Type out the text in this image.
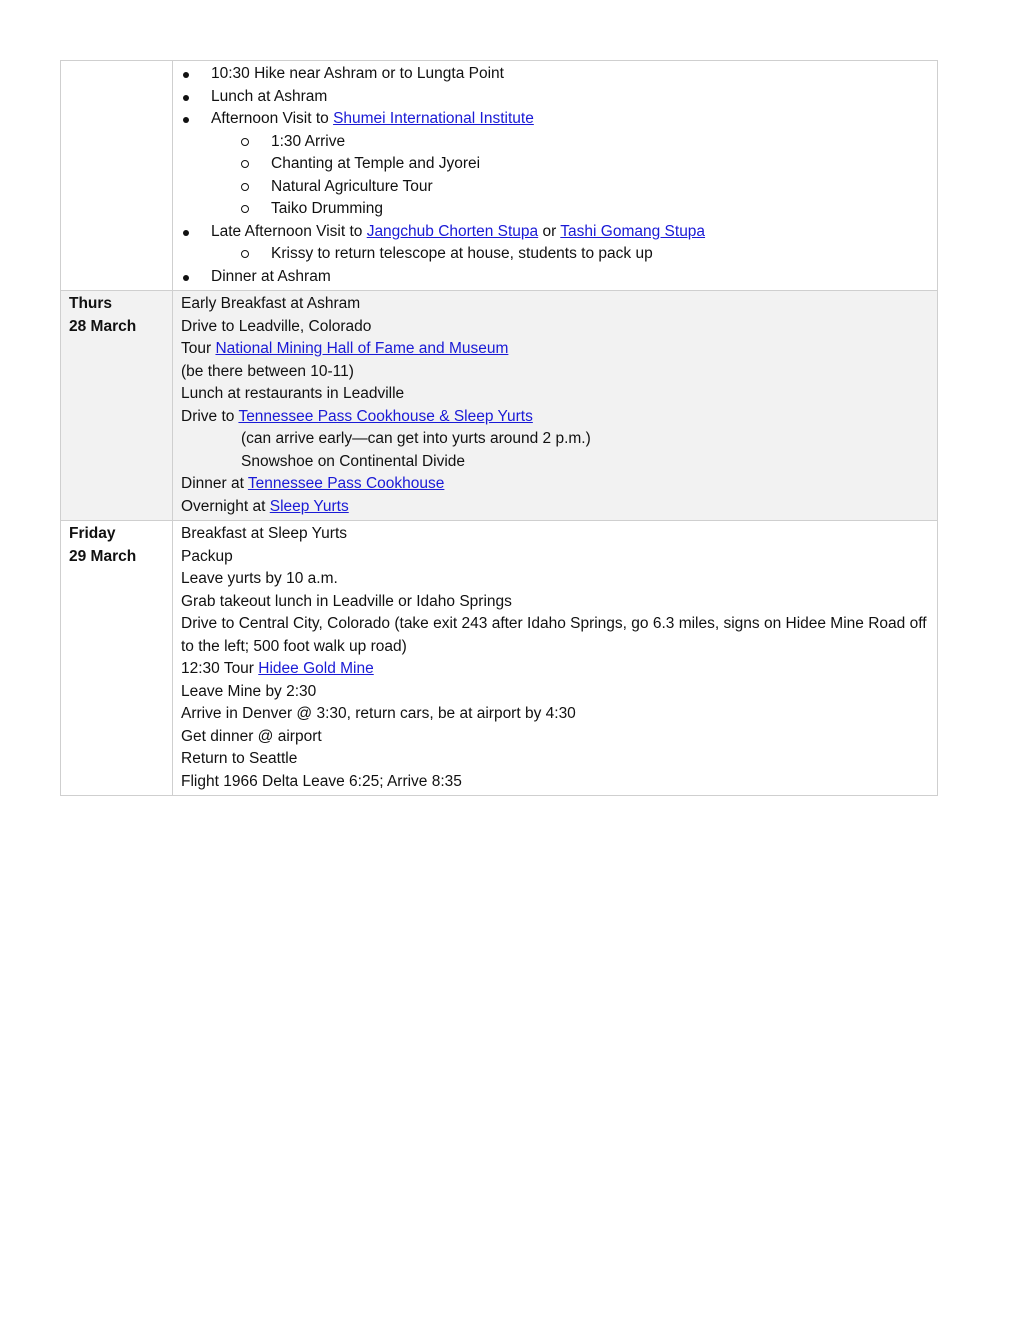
10:30 Hike near Ashram or to Lungta Point
Lunch at Ashram
Afternoon Visit to Shumei International Institute
1:30 Arrive
Chanting at Temple and Jyorei
Natural Agriculture Tour
Taiko Drumming
Late Afternoon Visit to Jangchub Chorten Stupa or Tashi Gomang Stupa
Krissy to return telescope at house, students to pack up
Dinner at Ashram
Thurs
28 March
Early Breakfast at Ashram
Drive to Leadville, Colorado
Tour National Mining Hall of Fame and Museum
(be there between 10-11)
Lunch at restaurants in Leadville
Drive to Tennessee Pass Cookhouse & Sleep Yurts
(can arrive early—can get into yurts around 2 p.m.)
Snowshoe on Continental Divide
Dinner at Tennessee Pass Cookhouse
Overnight at Sleep Yurts
Friday
29 March
Breakfast at Sleep Yurts
Packup
Leave yurts by 10 a.m.
Grab takeout lunch in Leadville or Idaho Springs
Drive to Central City, Colorado (take exit 243 after Idaho Springs, go 6.3 miles, signs on Hidee Mine Road off to the left; 500 foot walk up road)
12:30 Tour Hidee Gold Mine
Leave Mine by 2:30
Arrive in Denver @ 3:30, return cars, be at airport by 4:30
Get dinner @ airport
Return to Seattle
Flight 1966 Delta Leave 6:25; Arrive 8:35
